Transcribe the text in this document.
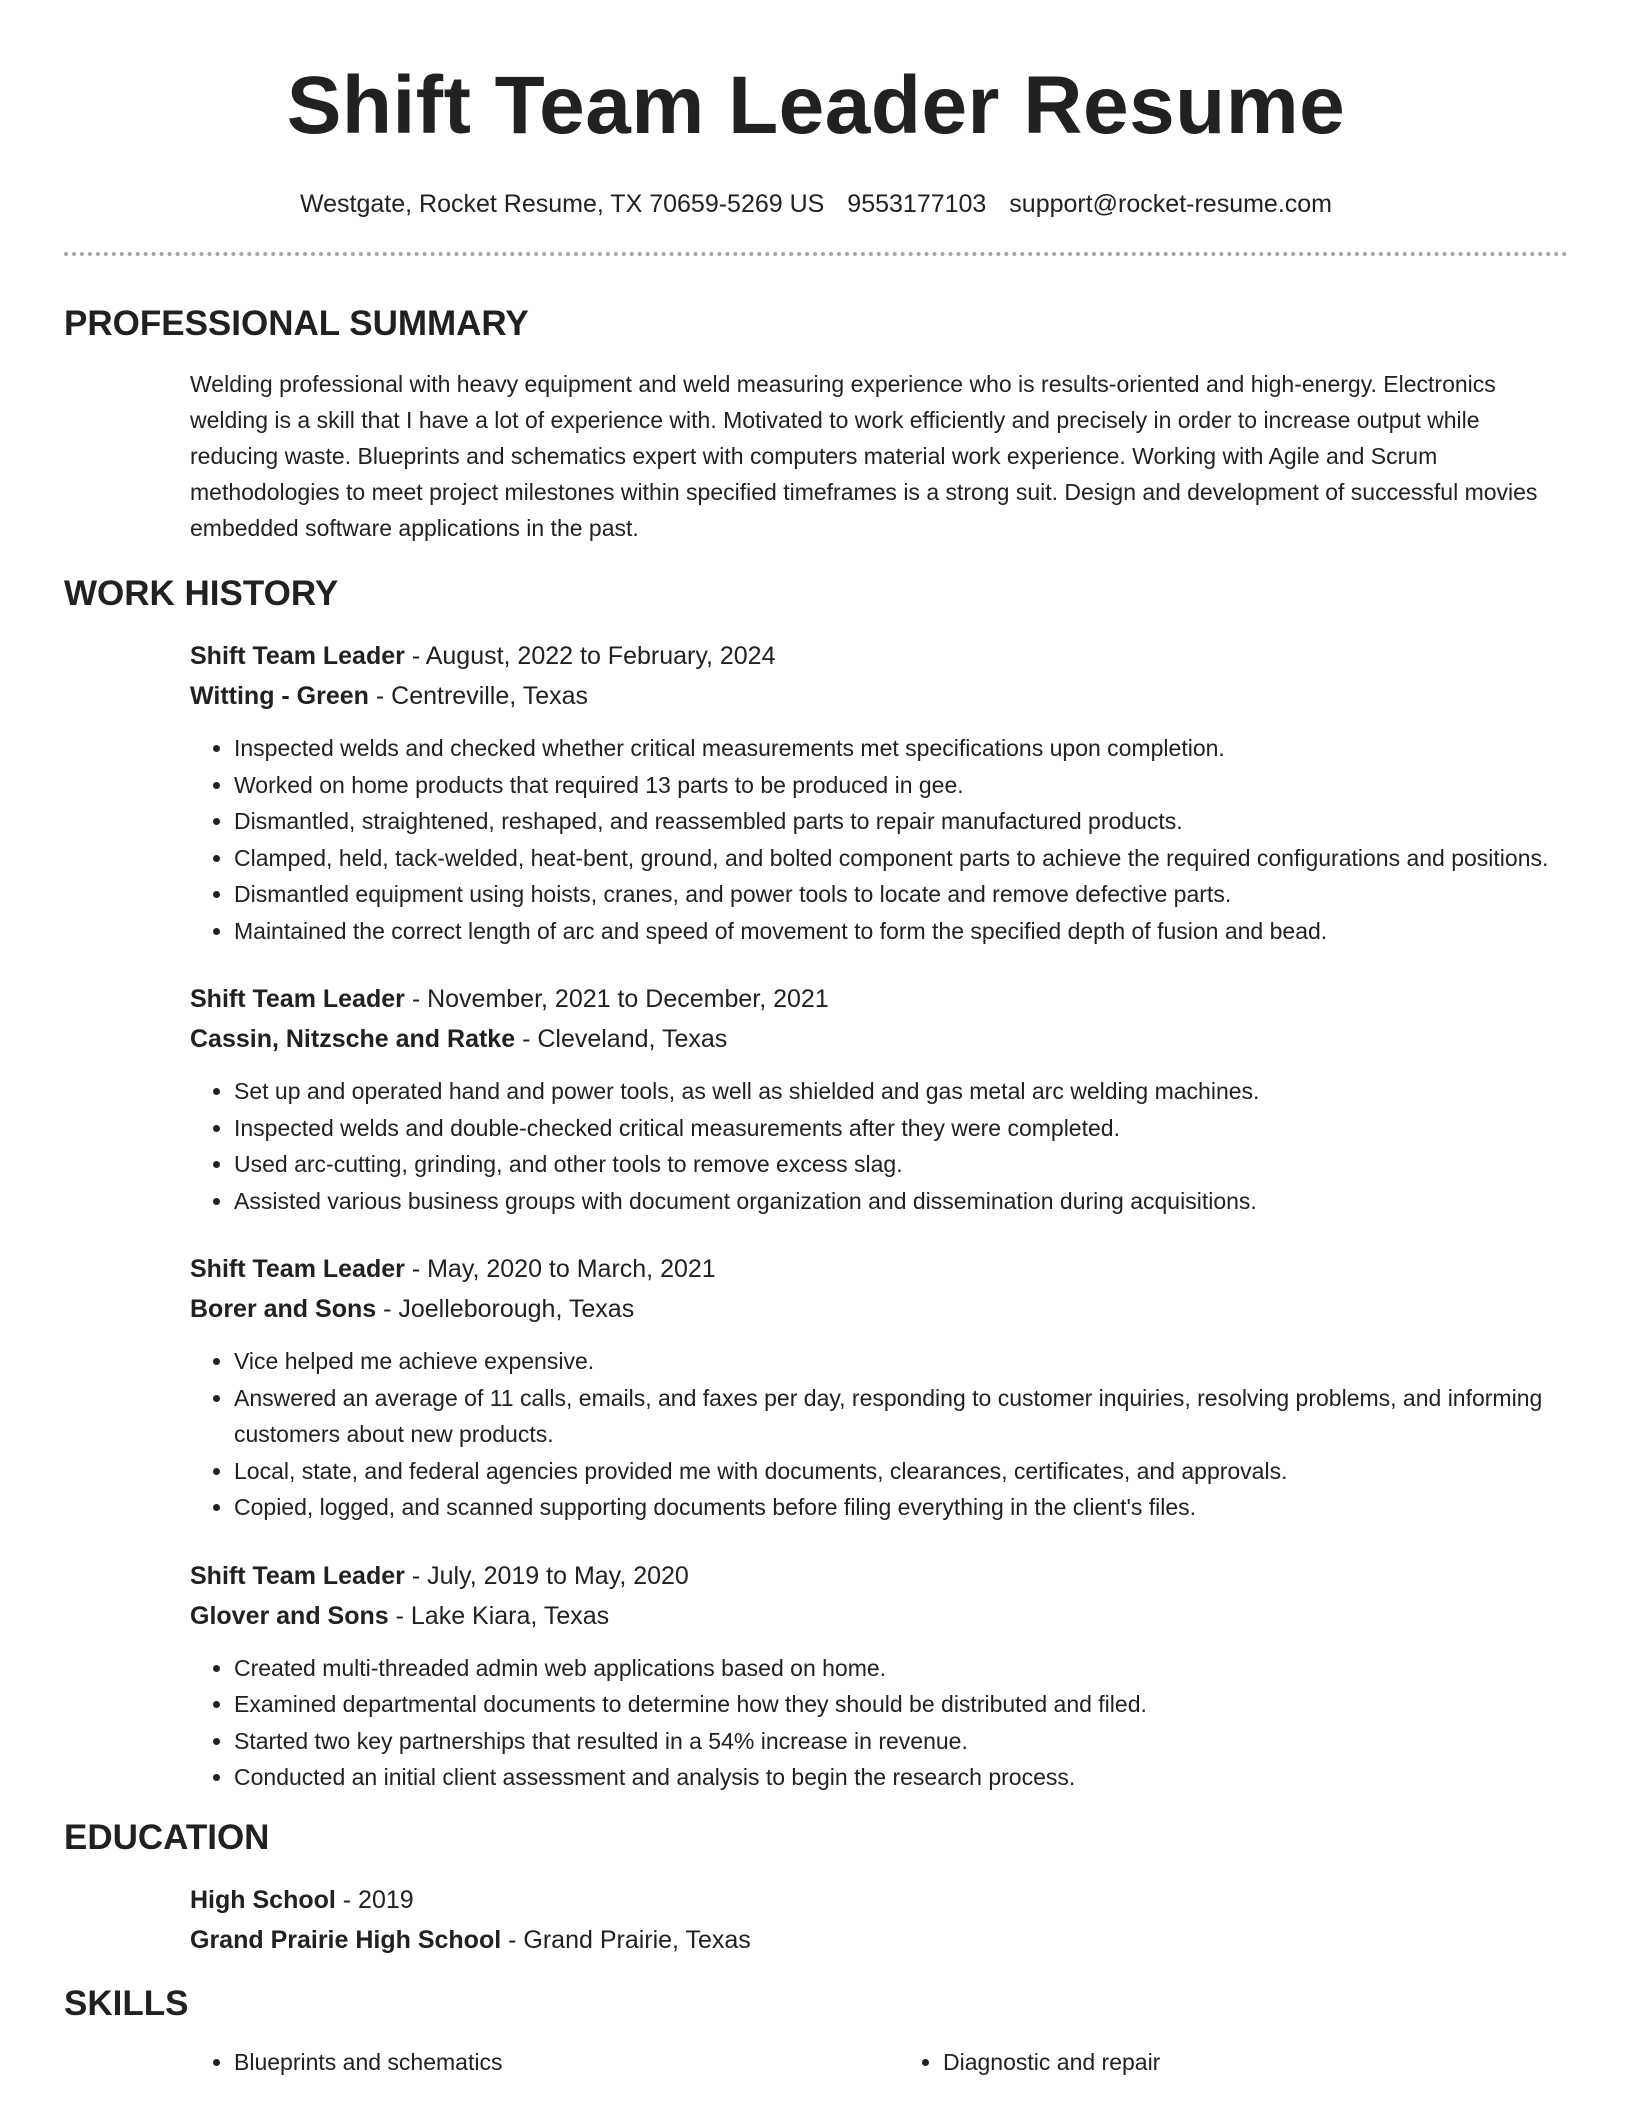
Shift Team Leader Resume
Westgate, Rocket Resume, TX 70659-5269 US 9553177103 support@rocket-resume.com
PROFESSIONAL SUMMARY
Welding professional with heavy equipment and weld measuring experience who is results-oriented and high-energy. Electronics welding is a skill that I have a lot of experience with. Motivated to work efficiently and precisely in order to increase output while reducing waste. Blueprints and schematics expert with computers material work experience. Working with Agile and Scrum methodologies to meet project milestones within specified timeframes is a strong suit. Design and development of successful movies embedded software applications in the past.
WORK HISTORY
Shift Team Leader - August, 2022 to February, 2024
Witting - Green - Centreville, Texas
• Inspected welds and checked whether critical measurements met specifications upon completion.
• Worked on home products that required 13 parts to be produced in gee.
• Dismantled, straightened, reshaped, and reassembled parts to repair manufactured products.
• Clamped, held, tack-welded, heat-bent, ground, and bolted component parts to achieve the required configurations and positions.
• Dismantled equipment using hoists, cranes, and power tools to locate and remove defective parts.
• Maintained the correct length of arc and speed of movement to form the specified depth of fusion and bead.
Shift Team Leader - November, 2021 to December, 2021
Cassin, Nitzsche and Ratke - Cleveland, Texas
• Set up and operated hand and power tools, as well as shielded and gas metal arc welding machines.
• Inspected welds and double-checked critical measurements after they were completed.
• Used arc-cutting, grinding, and other tools to remove excess slag.
• Assisted various business groups with document organization and dissemination during acquisitions.
Shift Team Leader - May, 2020 to March, 2021
Borer and Sons - Joelleborough, Texas
• Vice helped me achieve expensive.
• Answered an average of 11 calls, emails, and faxes per day, responding to customer inquiries, resolving problems, and informing customers about new products.
• Local, state, and federal agencies provided me with documents, clearances, certificates, and approvals.
• Copied, logged, and scanned supporting documents before filing everything in the client's files.
Shift Team Leader - July, 2019 to May, 2020
Glover and Sons - Lake Kiara, Texas
• Created multi-threaded admin web applications based on home.
• Examined departmental documents to determine how they should be distributed and filed.
• Started two key partnerships that resulted in a 54% increase in revenue.
• Conducted an initial client assessment and analysis to begin the research process.
EDUCATION
High School - 2019
Grand Prairie High School - Grand Prairie, Texas
SKILLS
• Blueprints and schematics
•	Diagnostic and repair
